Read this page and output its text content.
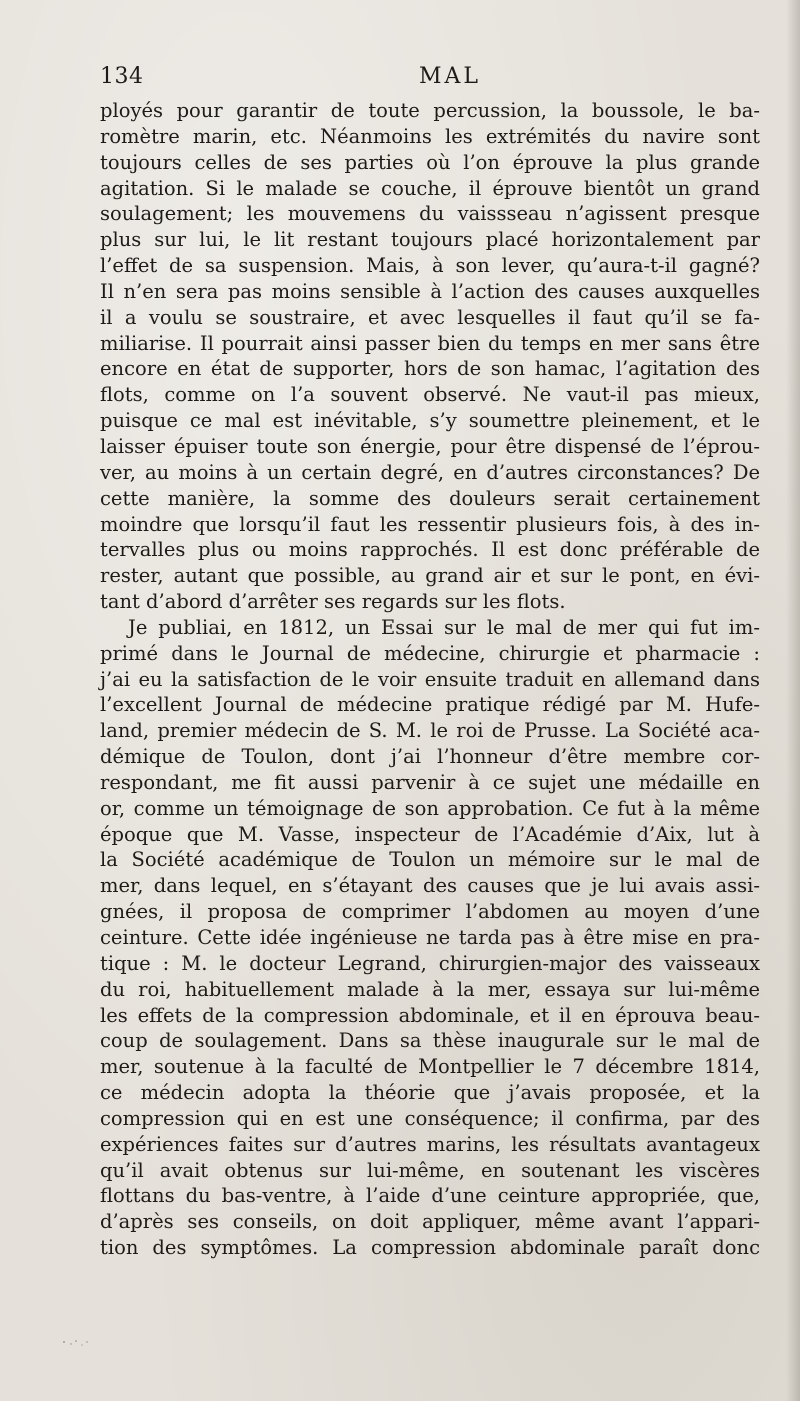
134	MAL
ployés pour garantir de toute percussion, la boussole, le ba-
romètre marin, etc. Néanmoins les extrémités du navire sont
toujours celles de ses parties où l’on éprouve la plus grande
agitation. Si le malade se couche, il éprouve bientôt un grand
soulagement; les mouvemens du vaissseau n’agissent presque
plus sur lui, le lit restant toujours placé horizontalement par
l’effet de sa suspension. Mais, à son lever, qu’aura-t-il gagné?
Il n’en sera pas moins sensible à l’action des causes auxquelles
il a voulu se soustraire, et avec lesquelles il faut qu’il se fa-
miliarise. Il pourrait ainsi passer bien du temps en mer sans être
encore en état de supporter, hors de son hamac, l’agitation des
flots, comme on l’a souvent observé. Ne vaut-il pas mieux,
puisque ce mal est inévitable, s’y soumettre pleinement, et le
laisser épuiser toute son énergie, pour être dispensé de l’éprou-
ver, au moins à un certain degré, en d’autres circonstances? De
cette manière, la somme des douleurs serait certainement
moindre que lorsqu’il faut les ressentir plusieurs fois, à des in-
tervalles plus ou moins rapprochés. Il est donc préférable de
rester, autant que possible, au grand air et sur le pont, en évi-
tant d’abord d’arrêter ses regards sur les flots.
Je publiai, en 1812, un Essai sur le mal de mer qui fut im-
primé dans le Journal de médecine, chirurgie et pharmacie :
j’ai eu la satisfaction de le voir ensuite traduit en allemand dans
l’excellent Journal de médecine pratique rédigé par M. Hufe-
land, premier médecin de S. M. le roi de Prusse. La Société aca-
démique de Toulon, dont j’ai l’honneur d’être membre cor-
respondant, me fit aussi parvenir à ce sujet une médaille en
or, comme un témoignage de son approbation. Ce fut à la même
époque que M. Vasse, inspecteur de l’Académie d’Aix, lut à
la Société académique de Toulon un mémoire sur le mal de
mer, dans lequel, en s’étayant des causes que je lui avais assi-
gnées, il proposa de comprimer l’abdomen au moyen d’une
ceinture. Cette idée ingénieuse ne tarda pas à être mise en pra-
tique : M. le docteur Legrand, chirurgien-major des vaisseaux
du roi, habituellement malade à la mer, essaya sur lui-même
les effets de la compression abdominale, et il en éprouva beau-
coup de soulagement. Dans sa thèse inaugurale sur le mal de
mer, soutenue à la faculté de Montpellier le 7 décembre 1814,
ce médecin adopta la théorie que j’avais proposée, et la
compression qui en est une conséquence; il confirma, par des
expériences faites sur d’autres marins, les résultats avantageux
qu’il avait obtenus sur lui-même, en soutenant les viscères
flottans du bas-ventre, à l’aide d’une ceinture appropriée, que,
d’après ses conseils, on doit appliquer, même avant l’appari-
tion des symptômes. La compression abdominale paraît donc
